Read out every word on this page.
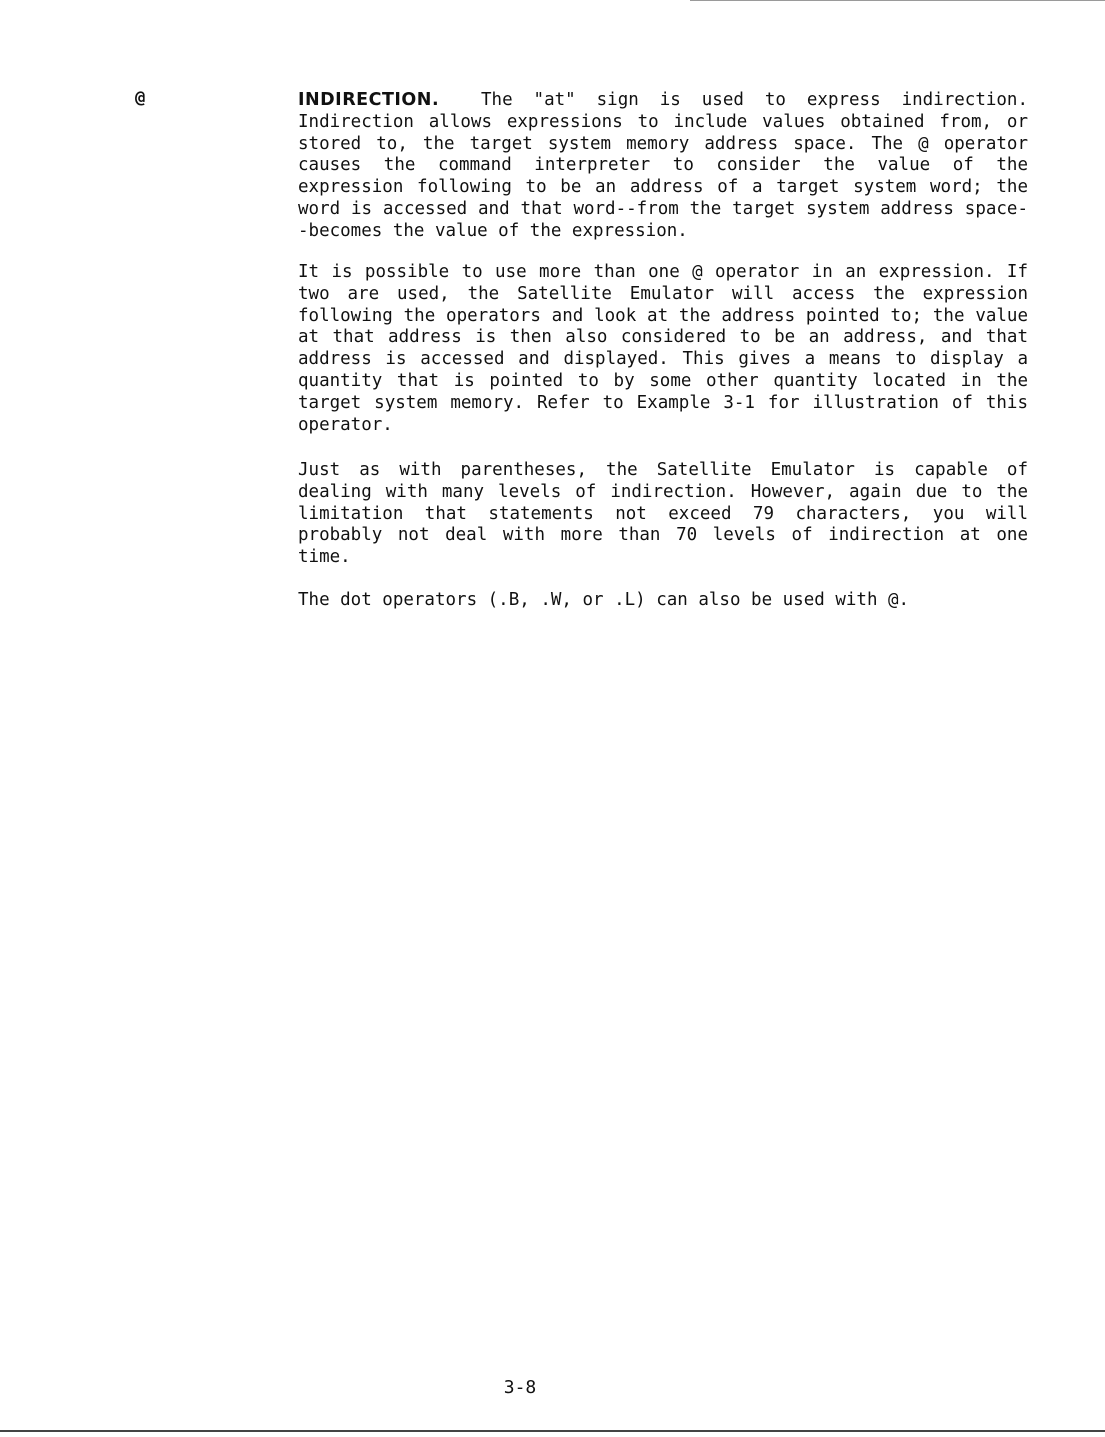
@	INDIRECTION. The "at" sign is used to express indirection. Indirection allows expressions to include values obtained from, or stored to, the target system memory address space. The @ operator causes the command interpreter to consider the value of the expression following to be an address of a target system word; the word is accessed and that word--from the target system address space--becomes the value of the expression.
It is possible to use more than one @ operator in an expression. If two are used, the Satellite Emulator will access the expression following the operators and look at the address pointed to; the value at that address is then also considered to be an address, and that address is accessed and displayed. This gives a means to display a quantity that is pointed to by some other quantity located in the target system memory. Refer to Example 3-1 for illustration of this operator.
Just as with parentheses, the Satellite Emulator is capable of dealing with many levels of indirection. However, again due to the limitation that statements not exceed 79 characters, you will probably not deal with more than 70 levels of indirection at one time.
The dot operators (.B, .W, or .L) can also be used with @.
3-8
